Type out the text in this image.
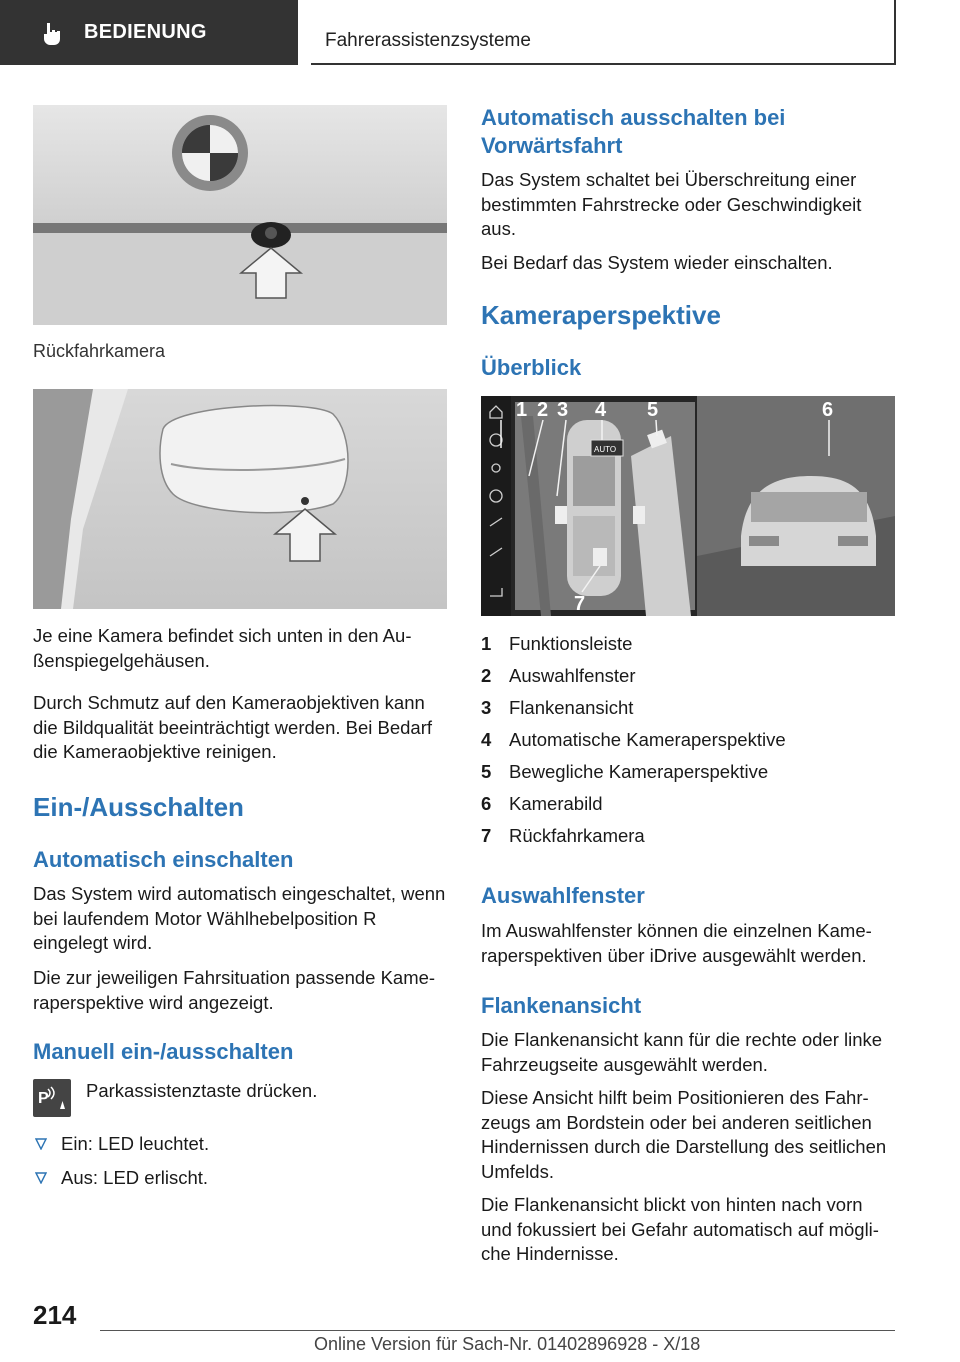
BEDIENUNG	Fahrerassistenzsysteme
Rückfahrkamera

Je eine Kamera befindet sich unten in den Außenspiegelgehäusen.

Durch Schmutz auf den Kameraobjektiven kann die Bildqualität beeinträchtigt werden. Bei Bedarf die Kameraobjektive reinigen.

Ein-/Ausschalten
Automatisch einschalten

Das System wird automatisch eingeschaltet, wenn bei laufendem Motor Wählhebelposition R eingelegt wird.

Die zur jeweiligen Fahrsituation passende Kameraperspektive wird angezeigt.

Manuell ein-/ausschalten
P Parkassistenztaste drücken.
Ein: LED leuchtet.
Aus: LED erlischt.
Automatisch ausschalten bei Vorwärtsfahrt

Das System schaltet bei Überschreitung einer bestimmten Fahrstrecke oder Geschwindigkeit aus.

Bei Bedarf das System wieder einschalten.

Kameraperspektive
Überblick
AUTO
1 2 3 4 5	6
7
1 Funktionsleiste
2 Auswahlfenster
3 Flankenansicht
4 Automatische Kameraperspektive
5 Bewegliche Kameraperspektive
6 Kamerabild
7 Rückfahrkamera
Auswahlfenster

Im Auswahlfenster können die einzelnen Kameraperspektiven über iDrive ausgewählt werden.

Flankenansicht

Die Flankenansicht kann für die rechte oder linke Fahrzeugseite ausgewählt werden.

Diese Ansicht hilft beim Positionieren des Fahrzeugs am Bordstein oder bei anderen seitlichen Hindernissen durch die Darstellung des seitlichen Umfelds.

Die Flankenansicht blickt von hinten nach vorn und fokussiert bei Gefahr automatisch auf mögliche Hindernisse.

214
Online Version für Sach-Nr. 01402896928 - X/18
